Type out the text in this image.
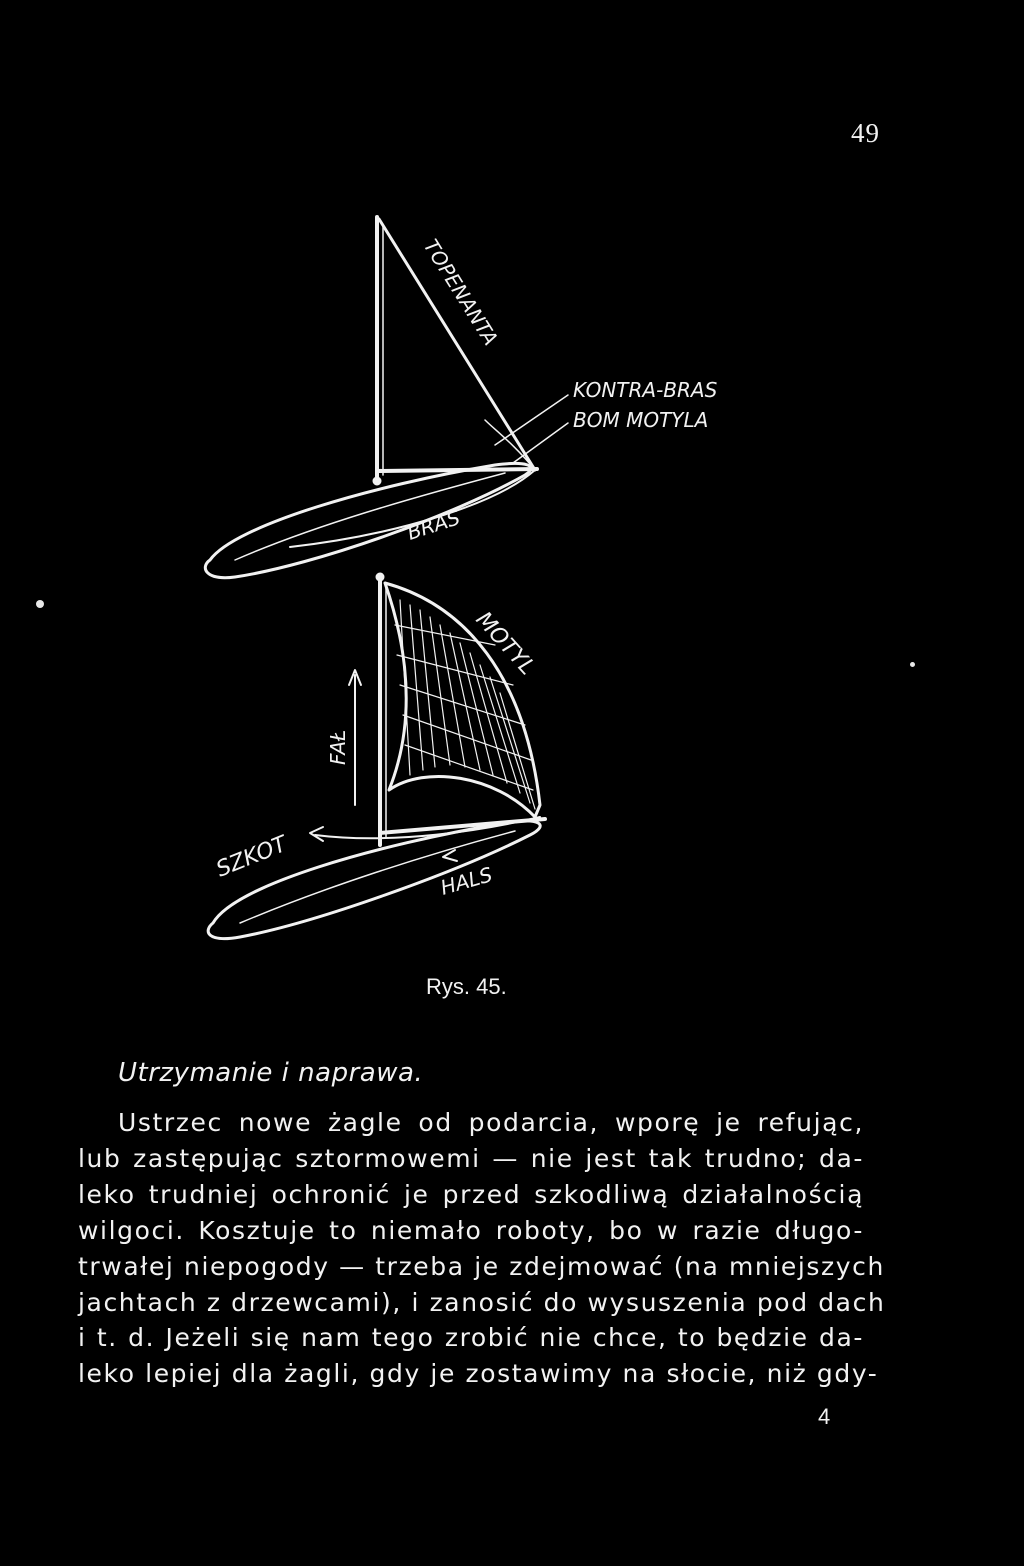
49
TOPENANTA
KONTRA-BRAS
BOM MOTYLA
BRAS
MOTYL
FAŁ
SZKOT	HALS
Rys. 45.
Utrzymanie i naprawa.
Ustrzec nowe żagle od podarcia, wporę je refując,
lub zastępując sztormowemi — nie jest tak trudno; da-
leko trudniej ochronić je przed szkodliwą działalnością
wilgoci. Kosztuje to niemało roboty, bo w razie długo-
trwałej niepogody — trzeba je zdejmować (na mniejszych
jachtach z drzewcami), i zanosić do wysuszenia pod dach
i t. d. Jeżeli się nam tego zrobić nie chce, to będzie da-
leko lepiej dla żagli, gdy je zostawimy na słocie, niż gdy-
4
